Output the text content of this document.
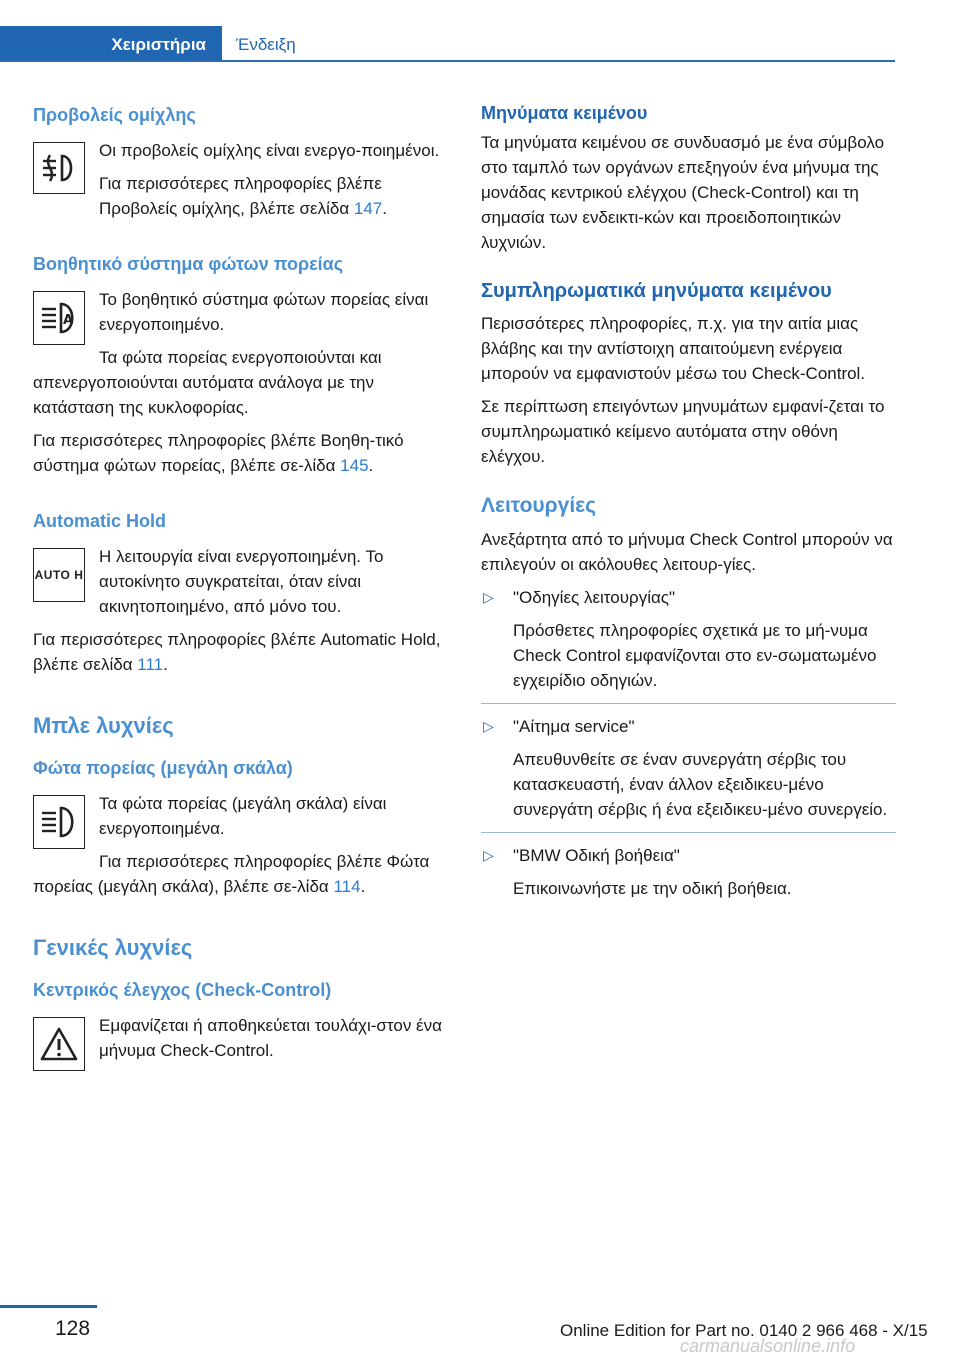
Χειριστήρια	Ένδειξη
Προβολείς ομίχλης

Οι προβολείς ομίχλης είναι ενεργο‐ποιημένοι.

Για περισσότερες πληροφορίες βλέπε Προβολείς ομίχλης, βλέπε σελίδα 147.

Βοηθητικό σύστημα φώτων πορείας
A

Το βοηθητικό σύστημα φώτων πορείας είναι ενεργοποιημένο.

Τα φώτα πορείας ενεργοποιούνται και απενεργοποιούνται αυτόματα ανάλογα με την κατάσταση της κυκλοφορίας.

Για περισσότερες πληροφορίες βλέπε Βοηθη‐τικό σύστημα φώτων πορείας, βλέπε σε‐λίδα 145.

Automatic Hold
AUTO H

Η λειτουργία είναι ενεργοποιημένη. Το αυτοκίνητο συγκρατείται, όταν είναι ακινητοποιημένο, από μόνο του.

Για περισσότερες πληροφορίες βλέπε Automatic Hold, βλέπε σελίδα 111.

Μπλε λυχνίες
Φώτα πορείας (μεγάλη σκάλα)

Τα φώτα πορείας (μεγάλη σκάλα) είναι ενεργοποιημένα.

Για περισσότερες πληροφορίες βλέπε Φώτα πορείας (μεγάλη σκάλα), βλέπε σε‐λίδα 114.

Γενικές λυχνίες
Κεντρικός έλεγχος (Check-Control)

Εμφανίζεται ή αποθηκεύεται τουλάχι‐στον ένα μήνυμα Check-Control.

Μηνύματα κειμένου

Τα μηνύματα κειμένου σε συνδυασμό με ένα σύμβολο στο ταμπλό των οργάνων επεξηγούν ένα μήνυμα της μονάδας κεντρικού ελέγχου (Check-Control) και τη σημασία των ενδεικτι‐κών και προειδοποιητικών λυχνιών.

Συμπληρωματικά μηνύματα κειμένου

Περισσότερες πληροφορίες, π.χ. για την αιτία μιας βλάβης και την αντίστοιχη απαιτούμενη ενέργεια μπορούν να εμφανιστούν μέσω του Check-Control.

Σε περίπτωση επειγόντων μηνυμάτων εμφανί‐ζεται το συμπληρωματικό κείμενο αυτόματα στην οθόνη ελέγχου.

Λειτουργίες

Ανεξάρτητα από το μήνυμα Check Control μπορούν να επιλεγούν οι ακόλουθες λειτουρ‐γίες.

▷ "Οδηγίες λειτουργίας"

Πρόσθετες πληροφορίες σχετικά με το μή‐νυμα Check Control εμφανίζονται στο εν‐σωματωμένο εγχειρίδιο οδηγιών.

▷ "Αίτημα service"

Απευθυνθείτε σε έναν συνεργάτη σέρβις του κατασκευαστή, έναν άλλον εξειδικευ‐μένο συνεργάτη σέρβις ή ένα εξειδικευ‐μένο συνεργείο.

▷ "BMW Οδική βοήθεια"

Επικοινωνήστε με την οδική βοήθεια.

128	Online Edition for Part no. 0140 2 966 468 - X/15
carmanualsonline.info
